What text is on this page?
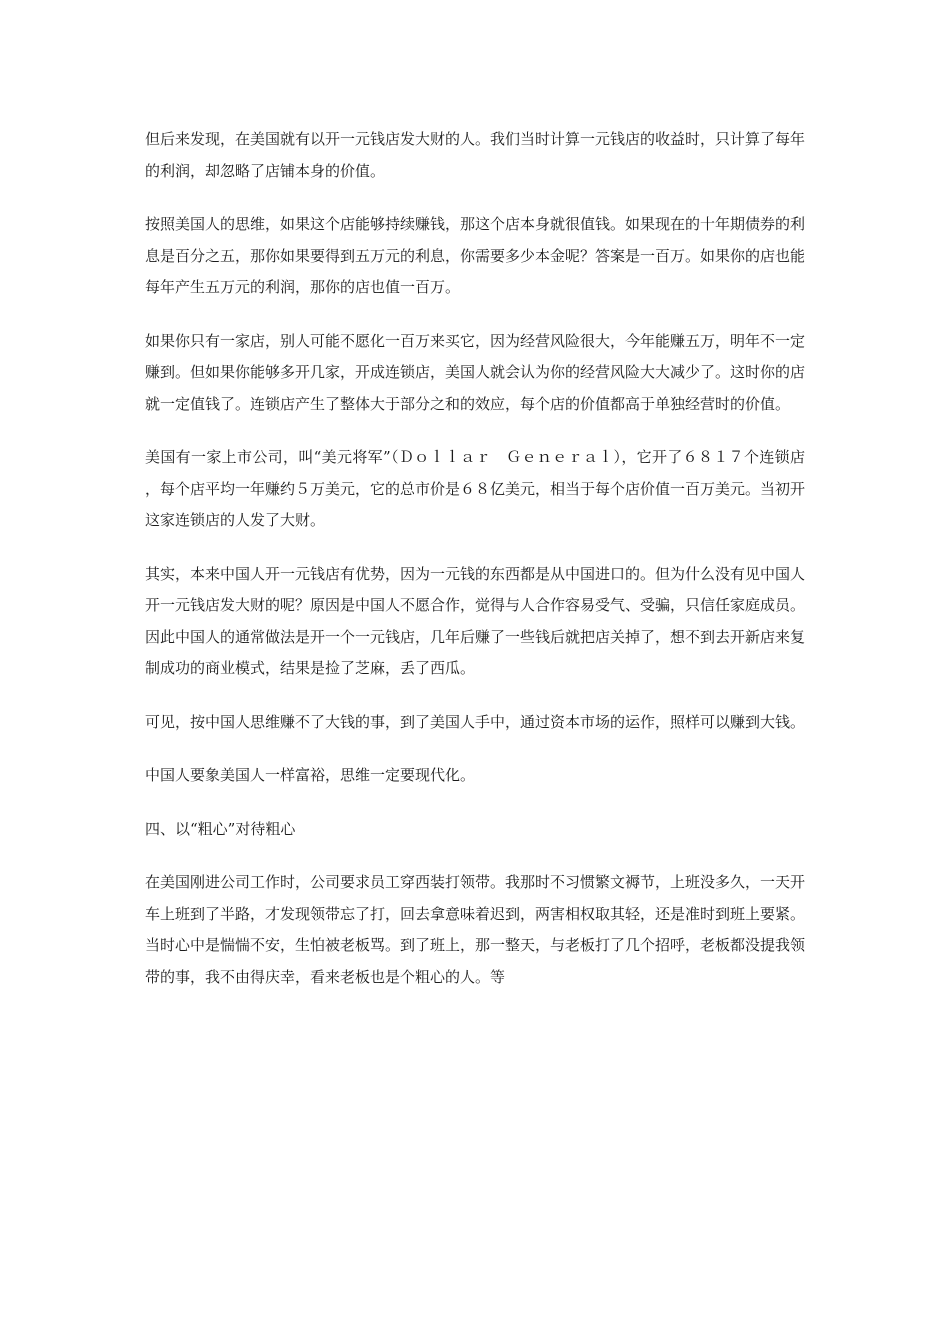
但后来发现，在美国就有以开一元钱店发大财的人。我们当时计算一元钱店的收益时，只计算了每年的利润，却忽略了店铺本身的价值。

按照美国人的思维，如果这个店能够持续赚钱，那这个店本身就很值钱。如果现在的十年期债券的利息是百分之五，那你如果要得到五万元的利息，你需要多少本金呢？答案是一百万。如果你的店也能每年产生五万元的利润，那你的店也值一百万。

如果你只有一家店，别人可能不愿化一百万来买它，因为经营风险很大，今年能赚五万，明年不一定赚到。但如果你能够多开几家，开成连锁店，美国人就会认为你的经营风险大大减少了。这时你的店就一定值钱了。连锁店产生了整体大于部分之和的效应，每个店的价值都高于单独经营时的价值。

美国有一家上市公司，叫“美元将军”（Ｄｏｌｌａｒ　Ｇｅｎｅｒａｌ），它开了６８１７个连锁店，每个店平均一年赚约５万美元，它的总市价是６８亿美元，相当于每个店价值一百万美元。当初开这家连锁店的人发了大财。

其实，本来中国人开一元钱店有优势，因为一元钱的东西都是从中国进口的。但为什么没有见中国人开一元钱店发大财的呢？原因是中国人不愿合作，觉得与人合作容易受气、受骗，只信任家庭成员。因此中国人的通常做法是开一个一元钱店，几年后赚了一些钱后就把店关掉了，想不到去开新店来复制成功的商业模式，结果是捡了芝麻，丢了西瓜。

可见，按中国人思维赚不了大钱的事，到了美国人手中，通过资本市场的运作，照样可以赚到大钱。

中国人要象美国人一样富裕，思维一定要现代化。

四、以“粗心”对待粗心

在美国刚进公司工作时，公司要求员工穿西装打领带。我那时不习惯繁文褥节，上班没多久，一天开车上班到了半路，才发现领带忘了打，回去拿意味着迟到，两害相权取其轻，还是准时到班上要紧。当时心中是惴惴不安，生怕被老板骂。到了班上，那一整天，与老板打了几个招呼，老板都没提我领带的事，我不由得庆幸，看来老板也是个粗心的人。等
